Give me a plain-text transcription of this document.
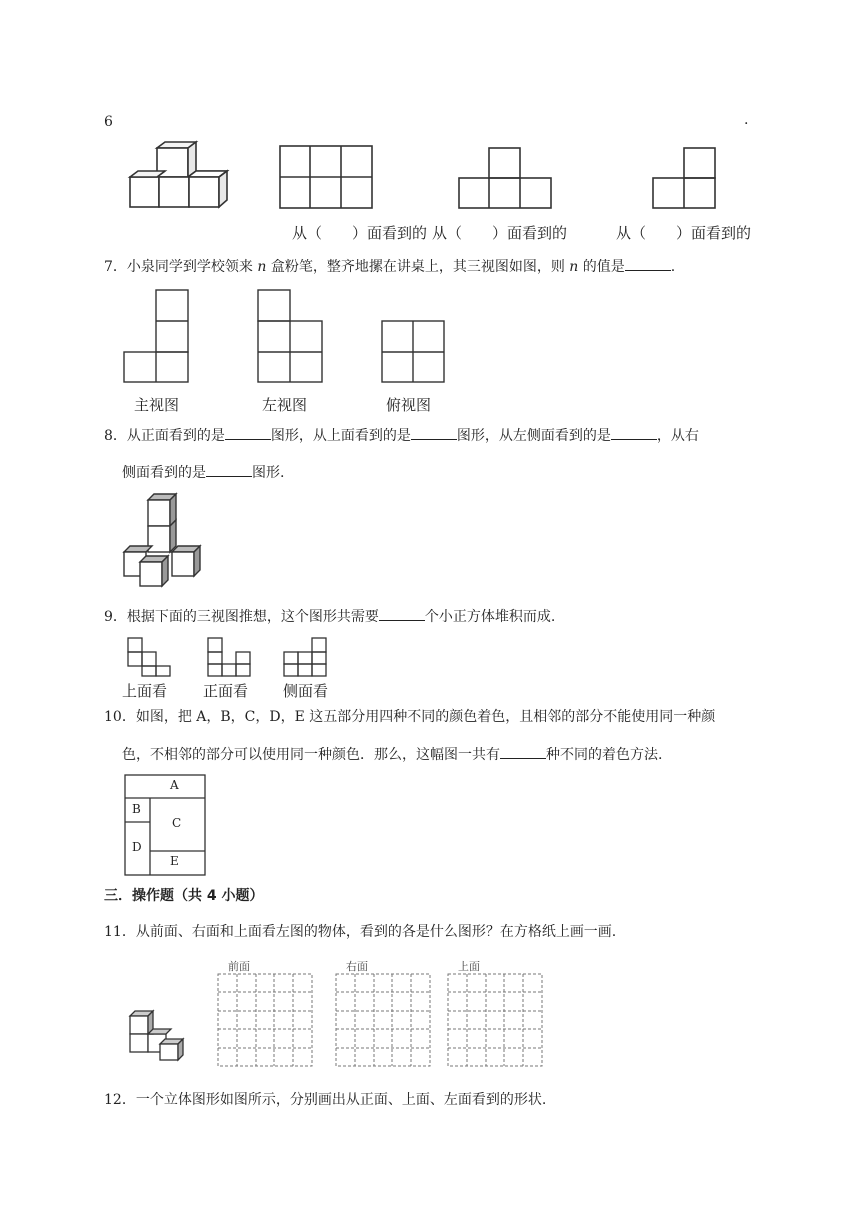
6	.
从（　　）面看到的 从（　　）面看到的	从（　　）面看到的
7．小泉同学到学校领来 n 盒粉笔，整齐地摞在讲桌上，其三视图如图，则 n 的值是	.
主视图	左视图	俯视图
8．从正面看到的是	图形，从上面看到的是	图形，从左侧面看到的是	，从右
侧面看到的是	图形.
9．根据下面的三视图推想，这个图形共需要	个小正方体堆积而成.
上面看 正面看 侧面看
10．如图，把 A，B，C，D，E 这五部分用四种不同的颜色着色，且相邻的部分不能使用同一种颜
色，不相邻的部分可以使用同一种颜色．那么，这幅图一共有	种不同的着色方法.
A
B
C
D
E
三．操作题（共 4 小题）
11．从前面、右面和上面看左图的物体，看到的各是什么图形？在方格纸上画一画.
前面	右面	上面
12．一个立体图形如图所示，分别画出从正面、上面、左面看到的形状.
